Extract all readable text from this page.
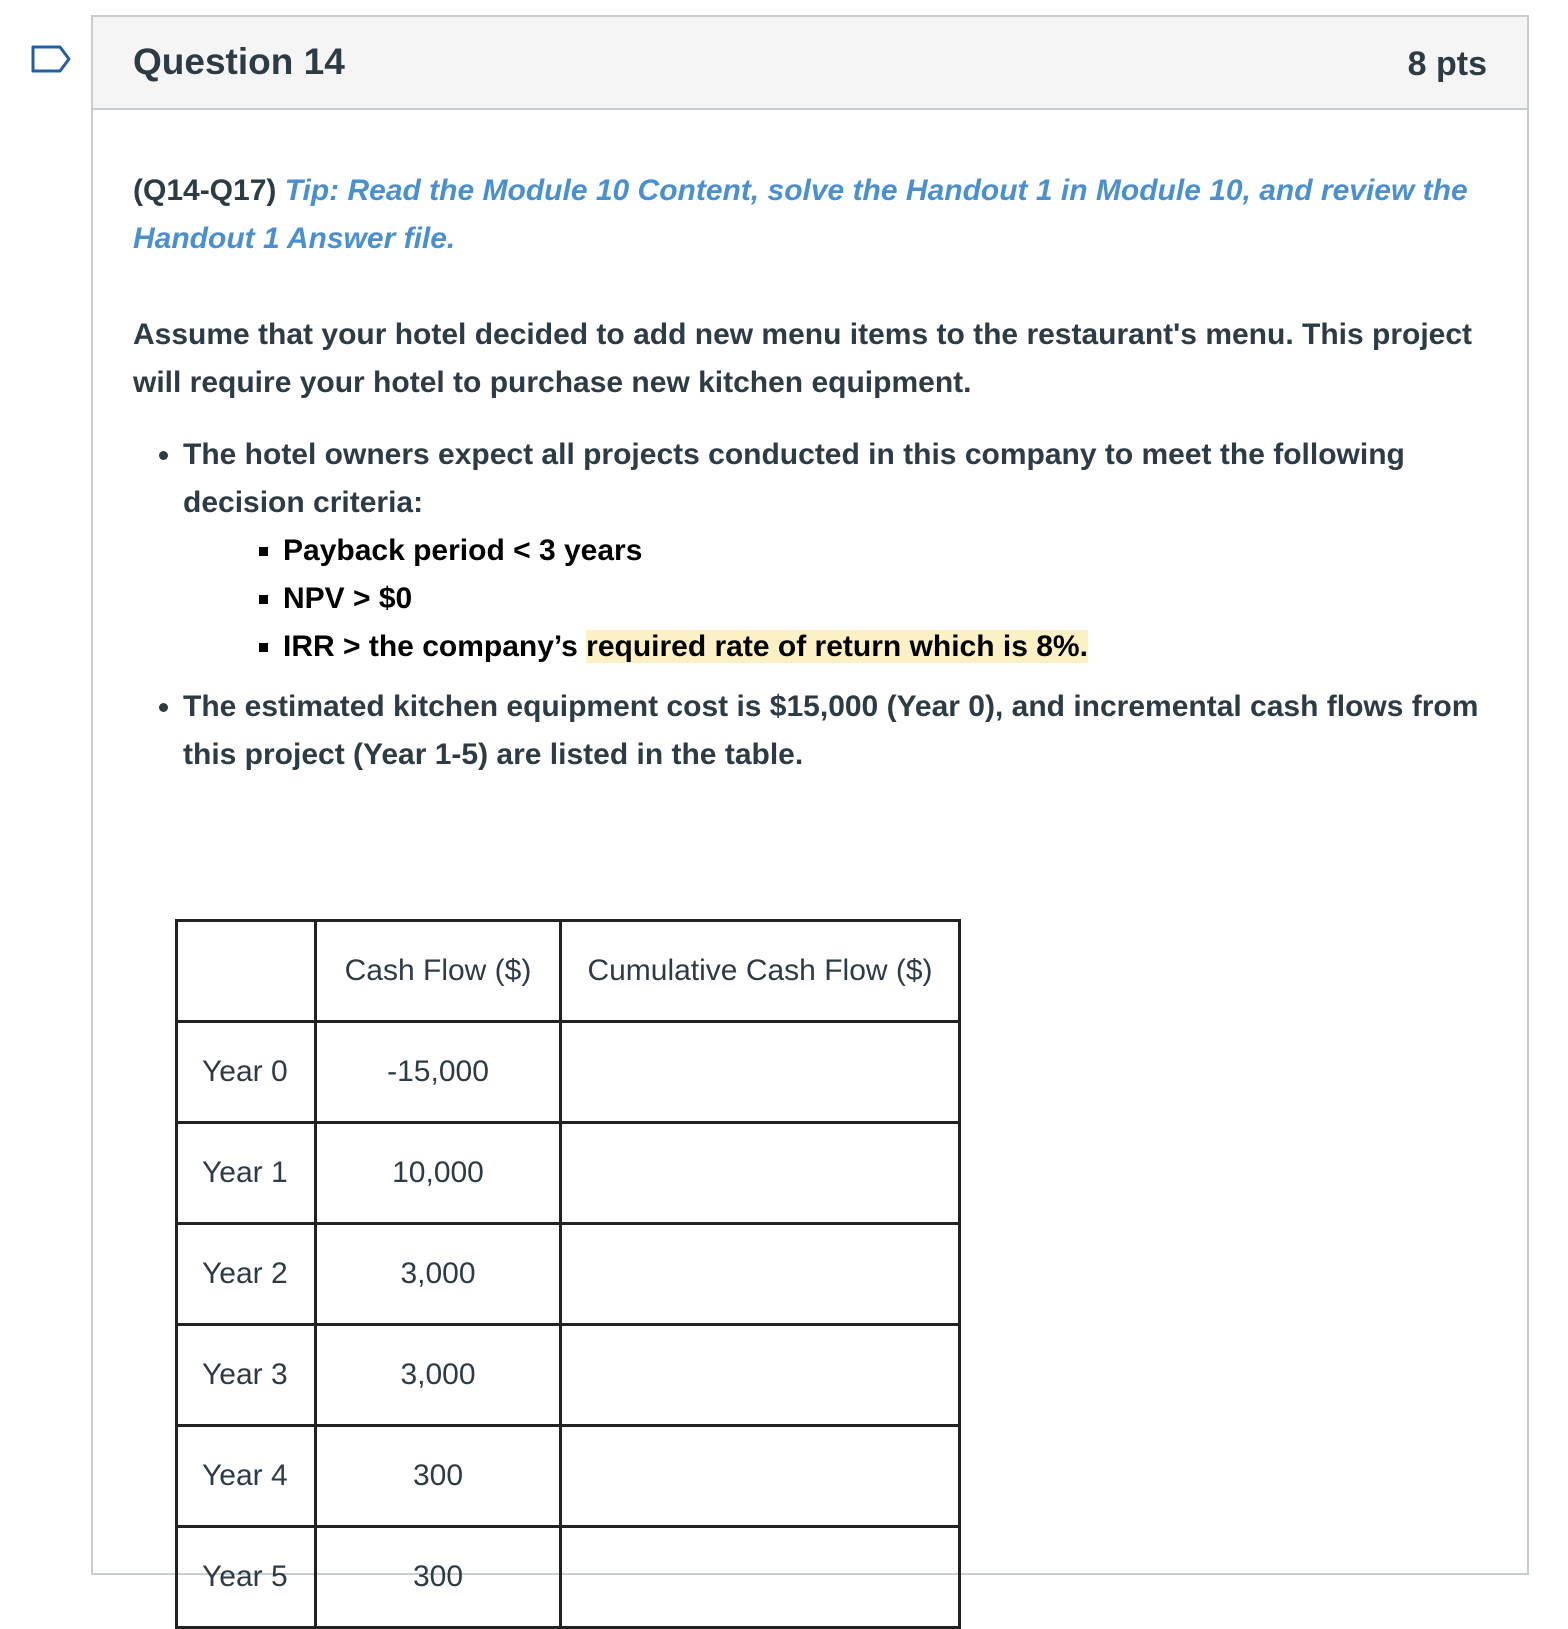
Question 14	8 pts

(Q14-Q17) Tip: Read the Module 10 Content, solve the Handout 1 in Module 10, and review the Handout 1 Answer file.

Assume that your hotel decided to add new menu items to the restaurant's menu. This project will require your hotel to purchase new kitchen equipment.

• The hotel owners expect all projects conducted in this company to meet the following decision criteria:
▪ Payback period < 3 years
▪ NPV > $0
▪ IRR > the company’s required rate of return which is 8%.
• The estimated kitchen equipment cost is $15,000 (Year 0), and incremental cash flows from this project (Year 1-5) are listed in the table.
	Cash Flow ($)	Cumulative Cash Flow ($)
Year 0	-15,000	
Year 1	10,000	
Year 2	3,000	
Year 3	3,000	
Year 4	300	
Year 5	300	
